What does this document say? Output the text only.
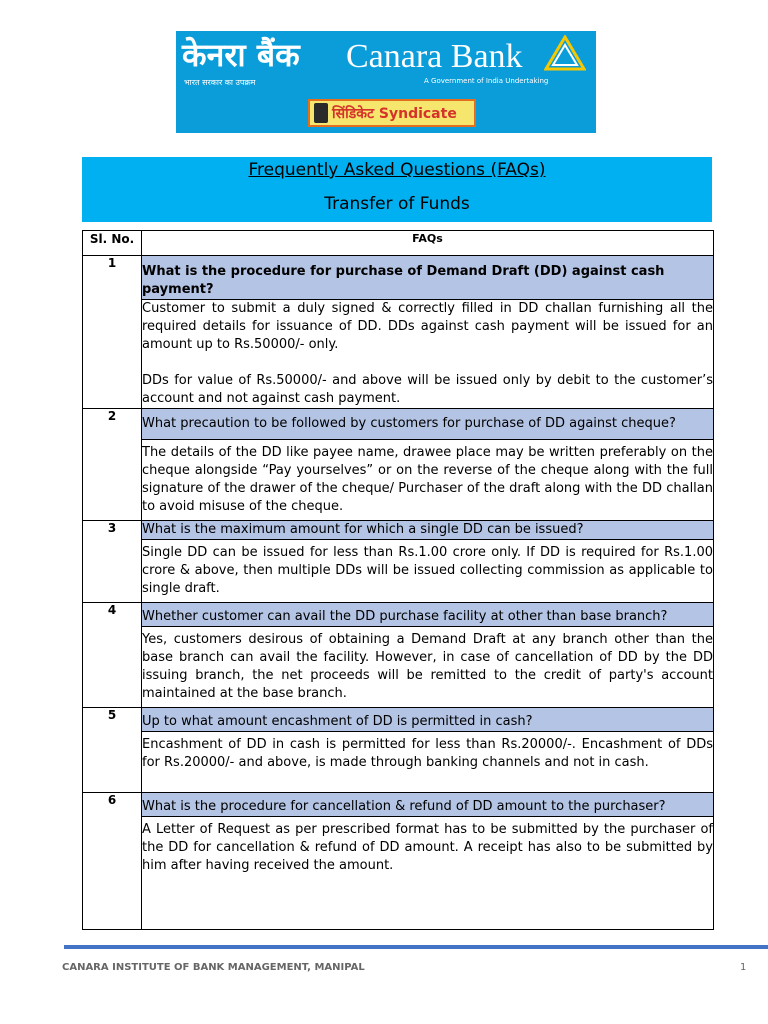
केनरा बैंक Canara Bank
भारत सरकार का उपक्रम	A Government of India Undertaking
सिंडिकेट Syndicate
Frequently Asked Questions (FAQs)
Transfer of Funds
Sl. No.	FAQs
1	What is the procedure for purchase of Demand Draft (DD) against cash payment?

	Customer to submit a duly signed & correctly filled in DD challan furnishing all the required details for issuance of DD. DDs against cash payment will be issued for an amount up to Rs.50000/- only.

DDs for value of Rs.50000/- and above will be issued only by debit to the customer’s account and not against cash payment.

2	What precaution to be followed by customers for purchase of DD against cheque?

	The details of the DD like payee name, drawee place may be written preferably on the cheque alongside “Pay yourselves” or on the reverse of the cheque along with the full signature of the drawer of the cheque/ Purchaser of the draft along with the DD challan to avoid misuse of the cheque.

3	What is the maximum amount for which a single DD can be issued?

	Single DD can be issued for less than Rs.1.00 crore only. If DD is required for Rs.1.00 crore & above, then multiple DDs will be issued collecting commission as applicable to single draft.

4	Whether customer can avail the DD purchase facility at other than base branch?

	Yes, customers desirous of obtaining a Demand Draft at any branch other than the base branch can avail the facility. However, in case of cancellation of DD by the DD issuing branch, the net proceeds will be remitted to the credit of party's account maintained at the base branch.

5	Up to what amount encashment of DD is permitted in cash?

	Encashment of DD in cash is permitted for less than Rs.20000/-. Encashment of DDs for Rs.20000/- and above, is made through banking channels and not in cash.

6	What is the procedure for cancellation & refund of DD amount to the purchaser?

	A Letter of Request as per prescribed format has to be submitted by the purchaser of the DD for cancellation & refund of DD amount. A receipt has also to be submitted by him after having received the amount.

CANARA INSTITUTE OF BANK MANAGEMENT, MANIPAL	1
